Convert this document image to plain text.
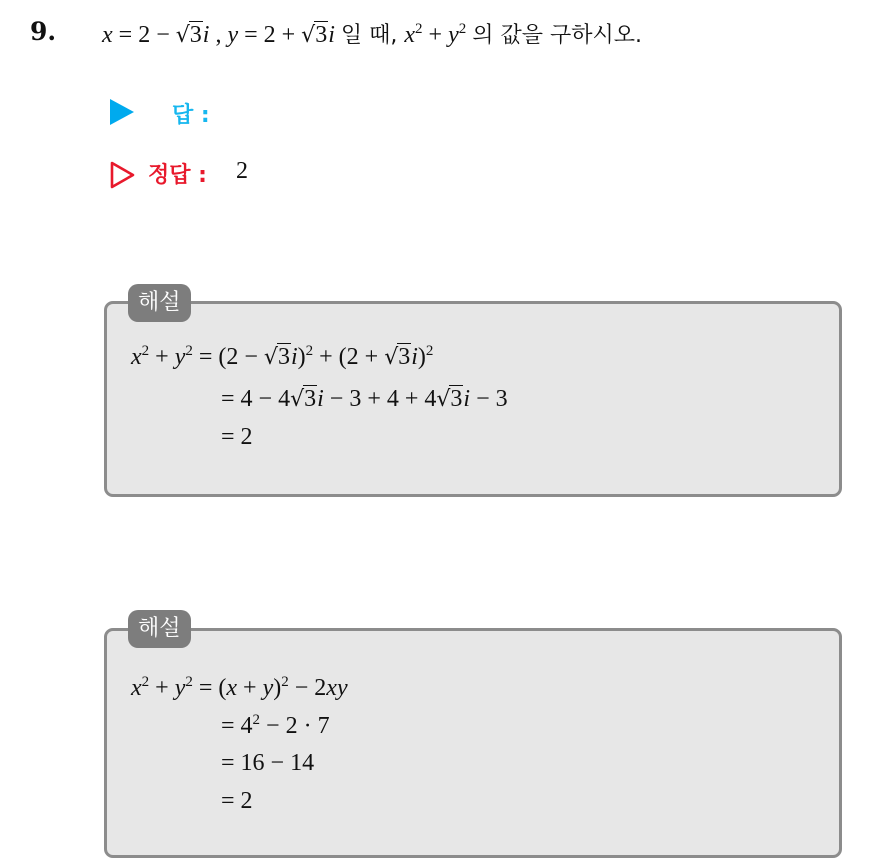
9. x = 2 − √3i , y = 2 + √3i 일 때, $x^2 + y^2$ 의 값을 구하시오.
답 :
정답 : 2
$x^2 + y^2 = (2 - √3i)^2 + (2 + √3i)^2$
= 4 − 4√3i − 3 + 4 + 4√3i − 3
= 2
해설
$x^2 + y^2 = (x + y)^2 - 2xy$
= $4^2 - 2 \cdot 7$
= 16 − 14
= 2
해설
